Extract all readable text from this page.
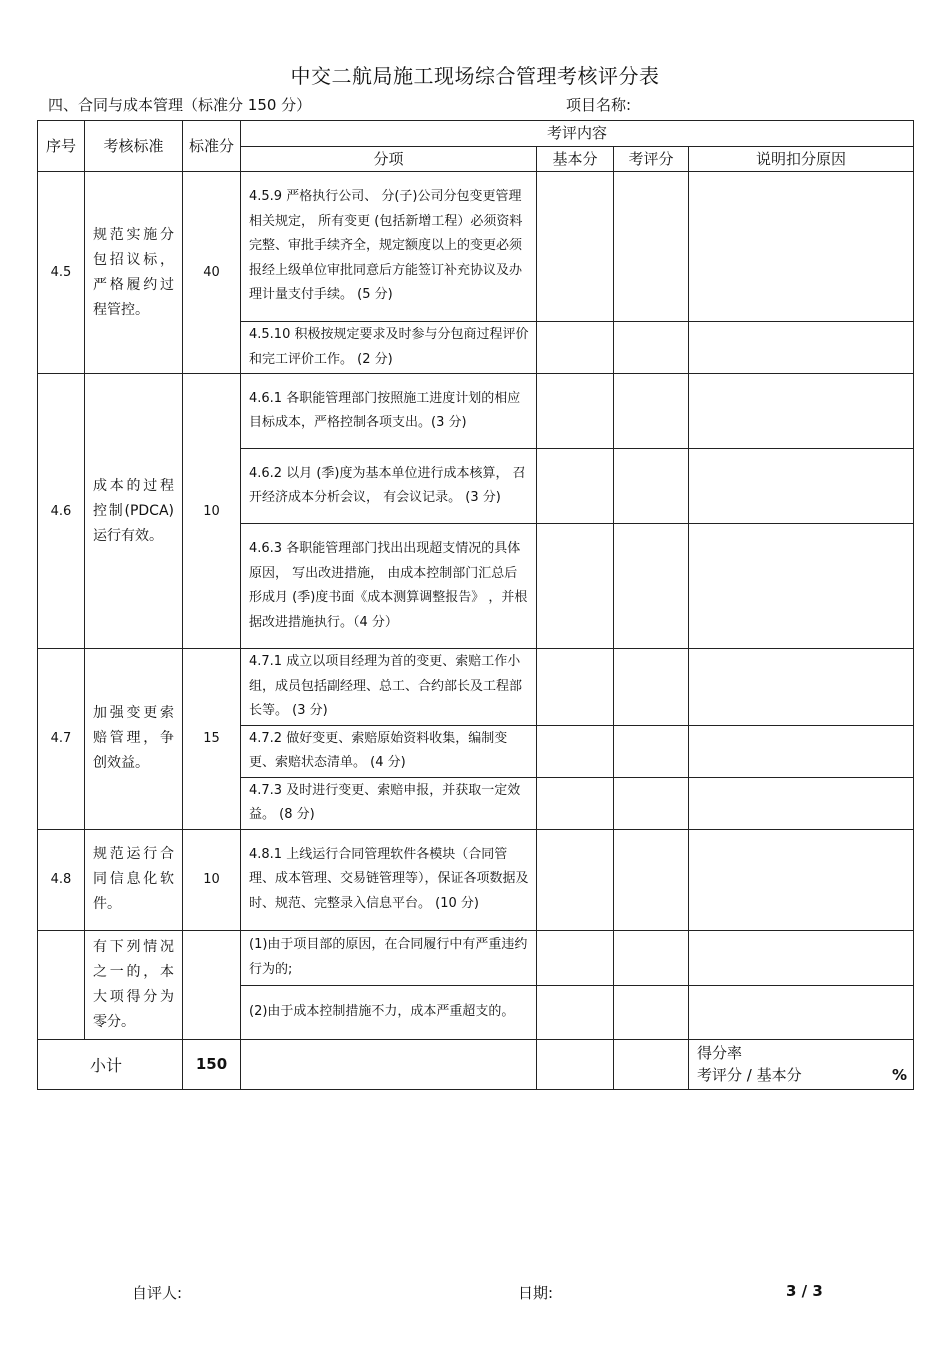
中交二航局施工现场综合管理考核评分表
四、合同与成本管理（标准分 150 分）	项目名称:
序号	考核标准	标准分	考评内容			
			分项	基本分	考评分	说明扣分原因
4.5	规范实施分包招议标，严格履约过程管控。	40	4.5.9 严格执行公司、 分(子)公司分包变更管理相关规定， 所有变更 (包括新增工程）必须资料完整、审批手续齐全，规定额度以上的变更必须报经上级单位审批同意后方能签订补充协议及办理计量支付手续。 (5 分)			
			4.5.10 积极按规定要求及时参与分包商过程评价和完工评价工作。 (2 分)			
4.6	成本的过程控制(PDCA)运行有效。	10	4.6.1 各职能管理部门按照施工进度计划的相应目标成本，严格控制各项支出。(3 分)			
			4.6.2 以月 (季)度为基本单位进行成本核算， 召开经济成本分析会议， 有会议记录。 (3 分)			
			4.6.3 各职能管理部门找出出现超支情况的具体原因， 写出改进措施， 由成本控制部门汇总后形成月 (季)度书面《成本测算调整报告》 ，并根据改进措施执行。（4 分）			
4.7	加强变更索赔管理，争创效益。	15	4.7.1 成立以项目经理为首的变更、索赔工作小组，成员包括副经理、总工、合约部长及工程部长等。 (3 分)			
			4.7.2 做好变更、索赔原始资料收集，编制变更、索赔状态清单。 (4 分)			
			4.7.3 及时进行变更、索赔申报，并获取一定效益。 (8 分)			
4.8	规范运行合同信息化软件。	10	4.8.1 上线运行合同管理软件各模块（合同管理、成本管理、交易链管理等），保证各项数据及时、规范、完整录入信息平台。 (10 分)			
	有下列情况之一的，本大项得分为零分。		(1)由于项目部的原因，在合同履行中有严重违约行为的;			
			(2)由于成本控制措施不力，成本严重超支的。			
小计		150				得分率
考评分 / 基本分 %
自评人:	日期:	3 / 3
